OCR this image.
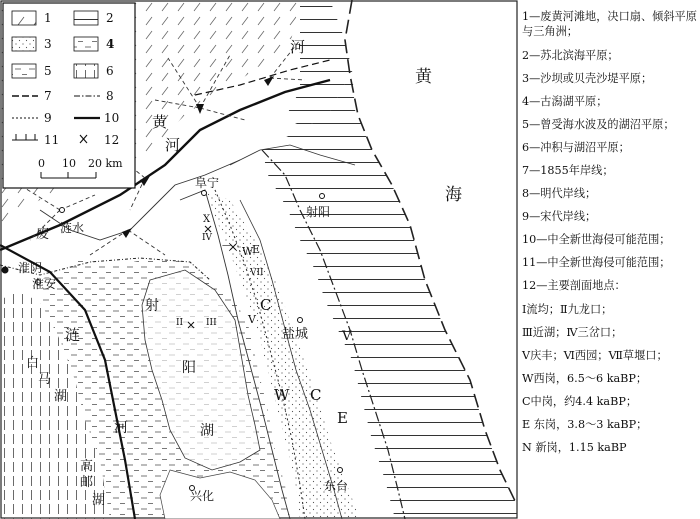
黄
海
黄
河
河
阜宁
射阳
涟水
废
淮阴
淮安
涟
射
阳
湖
白
马
湖
河
高
邮
湖
盐城
兴化
东台
W
W
C
C
E
E
V
V
X
IV
—
VII
II	III
1	2
3	4
5	6
7	8
9	10
11	12
0 10 20 km
1—废黄河滩地，决口扇、倾斜平原与三角洲；
2—苏北滨海平原；
3—沙坝或贝壳沙堤平原；
4—古潟湖平原；
5—曾受海水波及的湖沼平原；
6—冲积与湖沼平原；
7—1855年岸线；
8—明代岸线；
9—宋代岸线；
10—中全新世海侵可能范围；
11—中全新世海侵可能范围；
12—主要剖面地点：
Ⅰ流均；Ⅱ九龙口；
Ⅲ近湖；Ⅳ三岔口；
Ⅴ庆丰；Ⅵ西园；Ⅶ草堰口；
W西岗，6.5～6 kaBP；
C中岗，约4.4 kaBP；
E 东岗，3.8～3 kaBP；
N 新岗，1.15 kaBP
